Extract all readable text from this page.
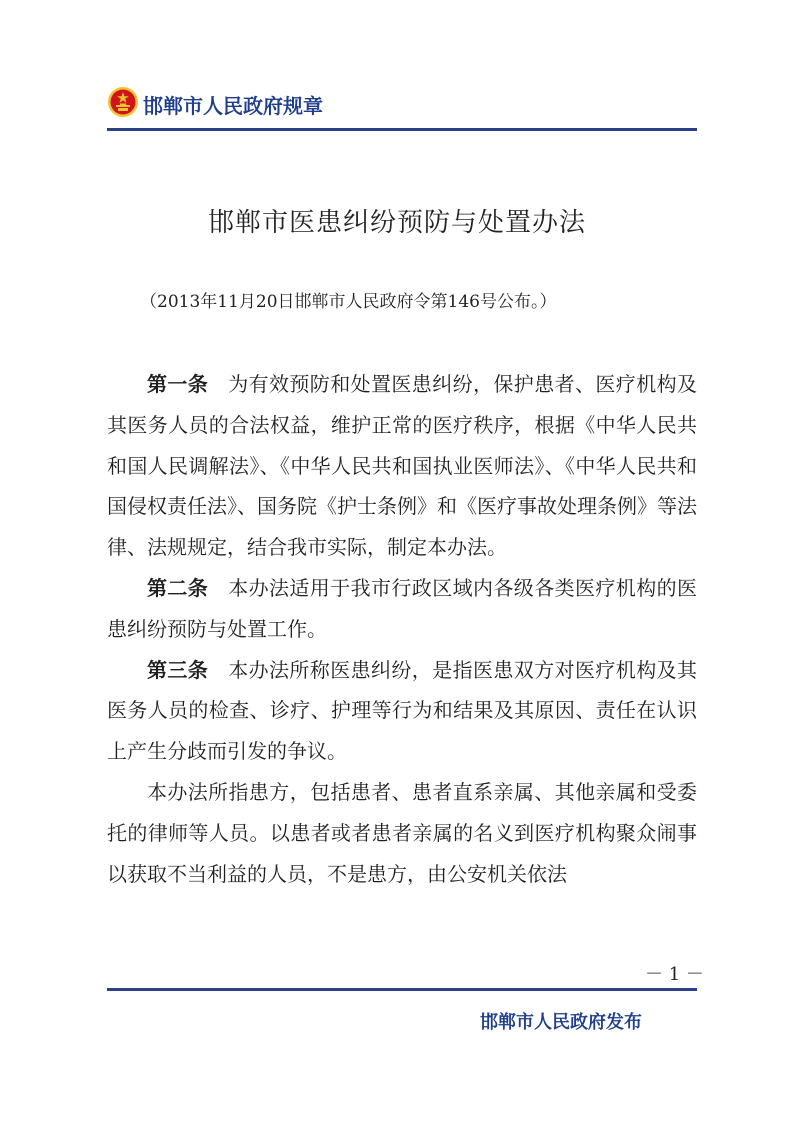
邯郸市人民政府规章
邯郸市医患纠纷预防与处置办法
（2013年11月20日邯郸市人民政府令第146号公布。）

第一条 为有效预防和处置医患纠纷，保护患者、医疗机构及其医务人员的合法权益，维护正常的医疗秩序，根据《中华人民共和国人民调解法》、《中华人民共和国执业医师法》、《中华人民共和国侵权责任法》、国务院《护士条例》和《医疗事故处理条例》等法律、法规规定，结合我市实际，制定本办法。

第二条 本办法适用于我市行政区域内各级各类医疗机构的医患纠纷预防与处置工作。

第三条 本办法所称医患纠纷，是指医患双方对医疗机构及其医务人员的检查、诊疗、护理等行为和结果及其原因、责任在认识上产生分歧而引发的争议。

本办法所指患方，包括患者、患者直系亲属、其他亲属和受委托的律师等人员。以患者或者患者亲属的名义到医疗机构聚众闹事以获取不当利益的人员，不是患方，由公安机关依法

－ 1 －
邯郸市人民政府发布
